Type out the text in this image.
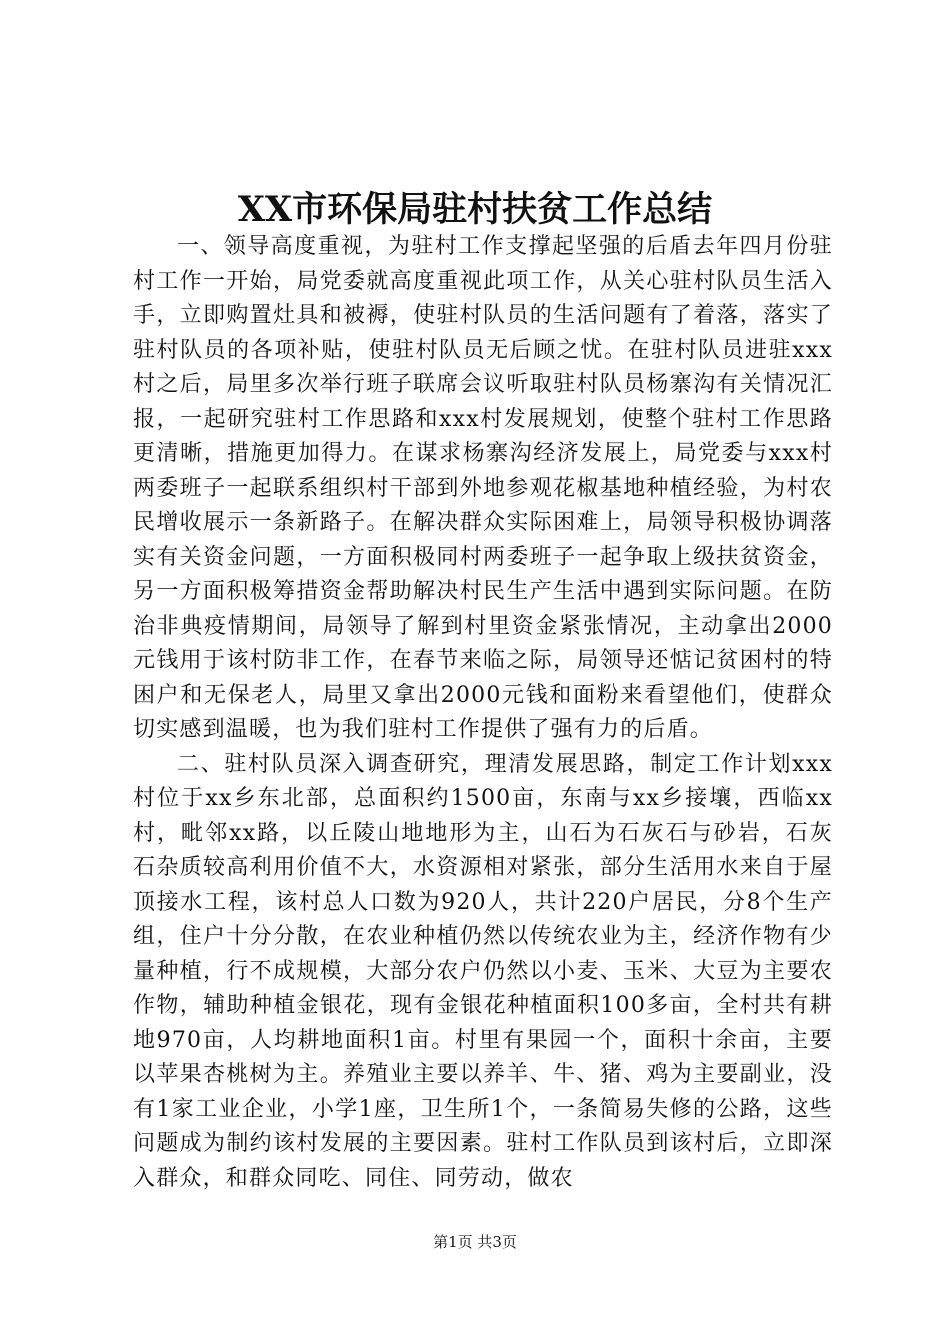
XX市环保局驻村扶贫工作总结

一、领导高度重视，为驻村工作支撑起坚强的后盾去年四月份驻村工作一开始，局党委就高度重视此项工作，从关心驻村队员生活入手，立即购置灶具和被褥，使驻村队员的生活问题有了着落，落实了驻村队员的各项补贴，使驻村队员无后顾之忧。在驻村队员进驻xxx村之后，局里多次举行班子联席会议听取驻村队员杨寨沟有关情况汇报，一起研究驻村工作思路和xxx村发展规划，使整个驻村工作思路更清晰，措施更加得力。在谋求杨寨沟经济发展上，局党委与xxx村两委班子一起联系组织村干部到外地参观花椒基地种植经验，为村农民增收展示一条新路子。在解决群众实际困难上，局领导积极协调落实有关资金问题，一方面积极同村两委班子一起争取上级扶贫资金，另一方面积极筹措资金帮助解决村民生产生活中遇到实际问题。在防治非典疫情期间，局领导了解到村里资金紧张情况，主动拿出2000元钱用于该村防非工作，在春节来临之际，局领导还惦记贫困村的特困户和无保老人，局里又拿出2000元钱和面粉来看望他们，使群众切实感到温暖，也为我们驻村工作提供了强有力的后盾。

二、驻村队员深入调查研究，理清发展思路，制定工作计划xxx村位于xx乡东北部，总面积约1500亩，东南与xx乡接壤，西临xx村，毗邻xx路，以丘陵山地地形为主，山石为石灰石与砂岩，石灰石杂质较高利用价值不大，水资源相对紧张，部分生活用水来自于屋顶接水工程，该村总人口数为920人，共计220户居民，分8个生产组，住户十分分散，在农业种植仍然以传统农业为主，经济作物有少量种植，行不成规模，大部分农户仍然以小麦、玉米、大豆为主要农作物，辅助种植金银花，现有金银花种植面积100多亩，全村共有耕地970亩，人均耕地面积1亩。村里有果园一个，面积十余亩，主要以苹果杏桃树为主。养殖业主要以养羊、牛、猪、鸡为主要副业，没有1家工业企业，小学1座，卫生所1个，一条简易失修的公路，这些问题成为制约该村发展的主要因素。驻村工作队员到该村后，立即深入群众，和群众同吃、同住、同劳动，做农

第1页 共3页
